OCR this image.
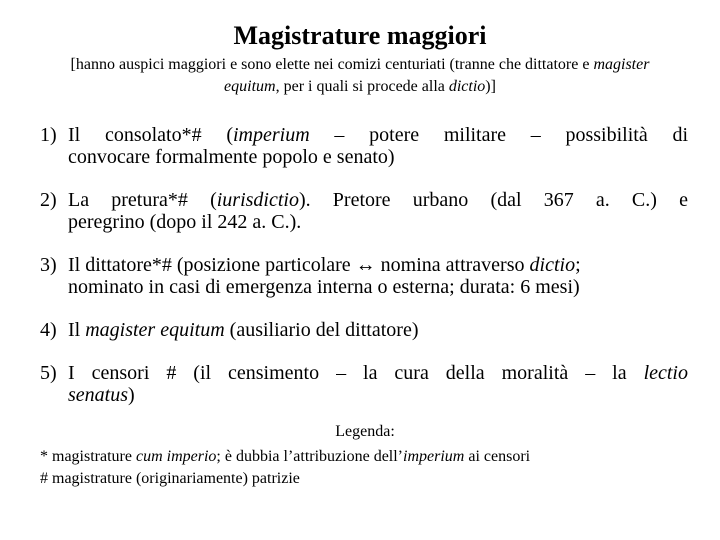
Magistrature maggiori
[hanno auspici maggiori e sono elette nei comizi centuriati (tranne che dittatore e magister
equitum, per i quali si procede alla dictio)]
1) Il consolato*# (imperium – potere militare – possibilità di
convocare formalmente popolo e senato)
2) La pretura*# (iurisdictio). Pretore urbano (dal 367 a. C.) e
peregrino (dopo il 242 a. C.).
3) Il dittatore*# (posizione particolare ↔ nomina attraverso dictio;
nominato in casi di emergenza interna o esterna; durata: 6 mesi)
4) Il magister equitum (ausiliario del dittatore)
5) I censori # (il censimento – la cura della moralità – la lectio
senatus)
Legenda:
* magistrature cum imperio; è dubbia l’attribuzione dell’imperium ai censori
# magistrature (originariamente) patrizie
